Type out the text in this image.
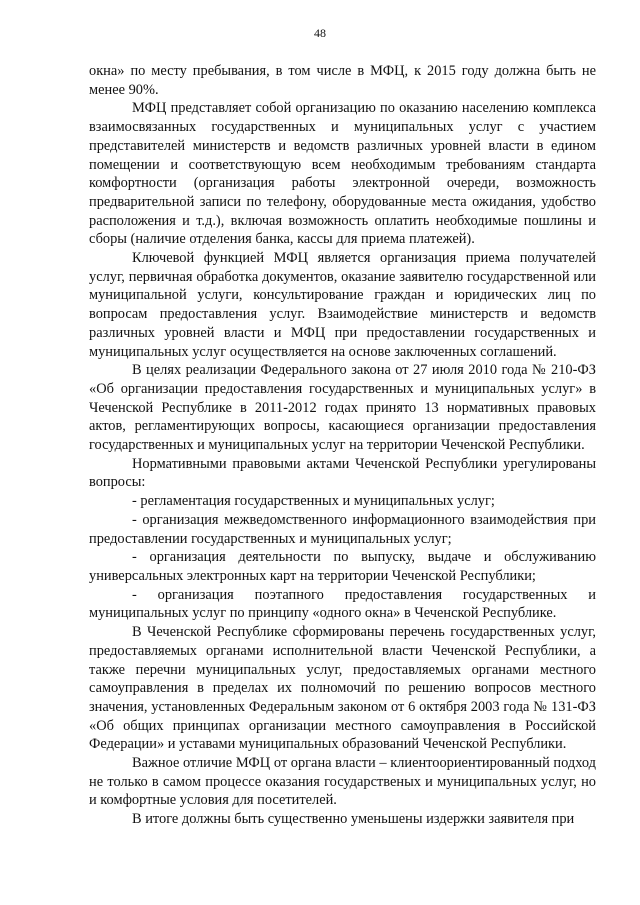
48

окна» по месту пребывания, в том числе в МФЦ, к 2015 году должна быть не менее 90%.

МФЦ представляет собой организацию по оказанию населению комплекса взаимосвязанных государственных и муниципальных услуг с участием представителей министерств и ведомств различных уровней власти в едином помещении и соответствующую всем необходимым требованиям стандарта комфортности (организация работы электронной очереди, возможность предварительной записи по телефону, оборудованные места ожидания, удобство расположения и т.д.), включая возможность оплатить необходимые пошлины и сборы (наличие отделения банка, кассы для приема платежей).

Ключевой функцией МФЦ является организация приема получателей услуг, первичная обработка документов, оказание заявителю государственной или муниципальной услуги, консультирование граждан и юридических лиц по вопросам предоставления услуг. Взаимодействие министерств и ведомств различных уровней власти и МФЦ при предоставлении государственных и муниципальных услуг осуществляется на основе заключенных соглашений.

В целях реализации Федерального закона от 27 июля 2010 года № 210-ФЗ «Об организации предоставления государственных и муниципальных услуг» в Чеченской Республике в 2011-2012 годах принято 13 нормативных правовых актов, регламентирующих вопросы, касающиеся организации предоставления государственных и муниципальных услуг на территории Чеченской Республики.

Нормативными правовыми актами Чеченской Республики урегулированы вопросы:

- регламентация государственных и муниципальных услуг;

- организация межведомственного информационного взаимодействия при предоставлении государственных и муниципальных услуг;

- организация деятельности по выпуску, выдаче и обслуживанию универсальных электронных карт на территории Чеченской Республики;

- организация поэтапного предоставления государственных и муниципальных услуг по принципу «одного окна» в Чеченской Республике.

В Чеченской Республике сформированы перечень государственных услуг, предоставляемых органами исполнительной власти Чеченской Республики, а также перечни муниципальных услуг, предоставляемых органами местного самоуправления в пределах их полномочий по решению вопросов местного значения, установленных Федеральным законом от 6 октября 2003 года № 131-ФЗ «Об общих принципах организации местного самоуправления в Российской Федерации» и уставами муниципальных образований Чеченской Республики.

Важное отличие МФЦ от органа власти – клиентоориентированный подход не только в самом процессе оказания государственых и муниципальных услуг, но и комфортные условия для посетителей.

В итоге должны быть существенно уменьшены издержки заявителя при
